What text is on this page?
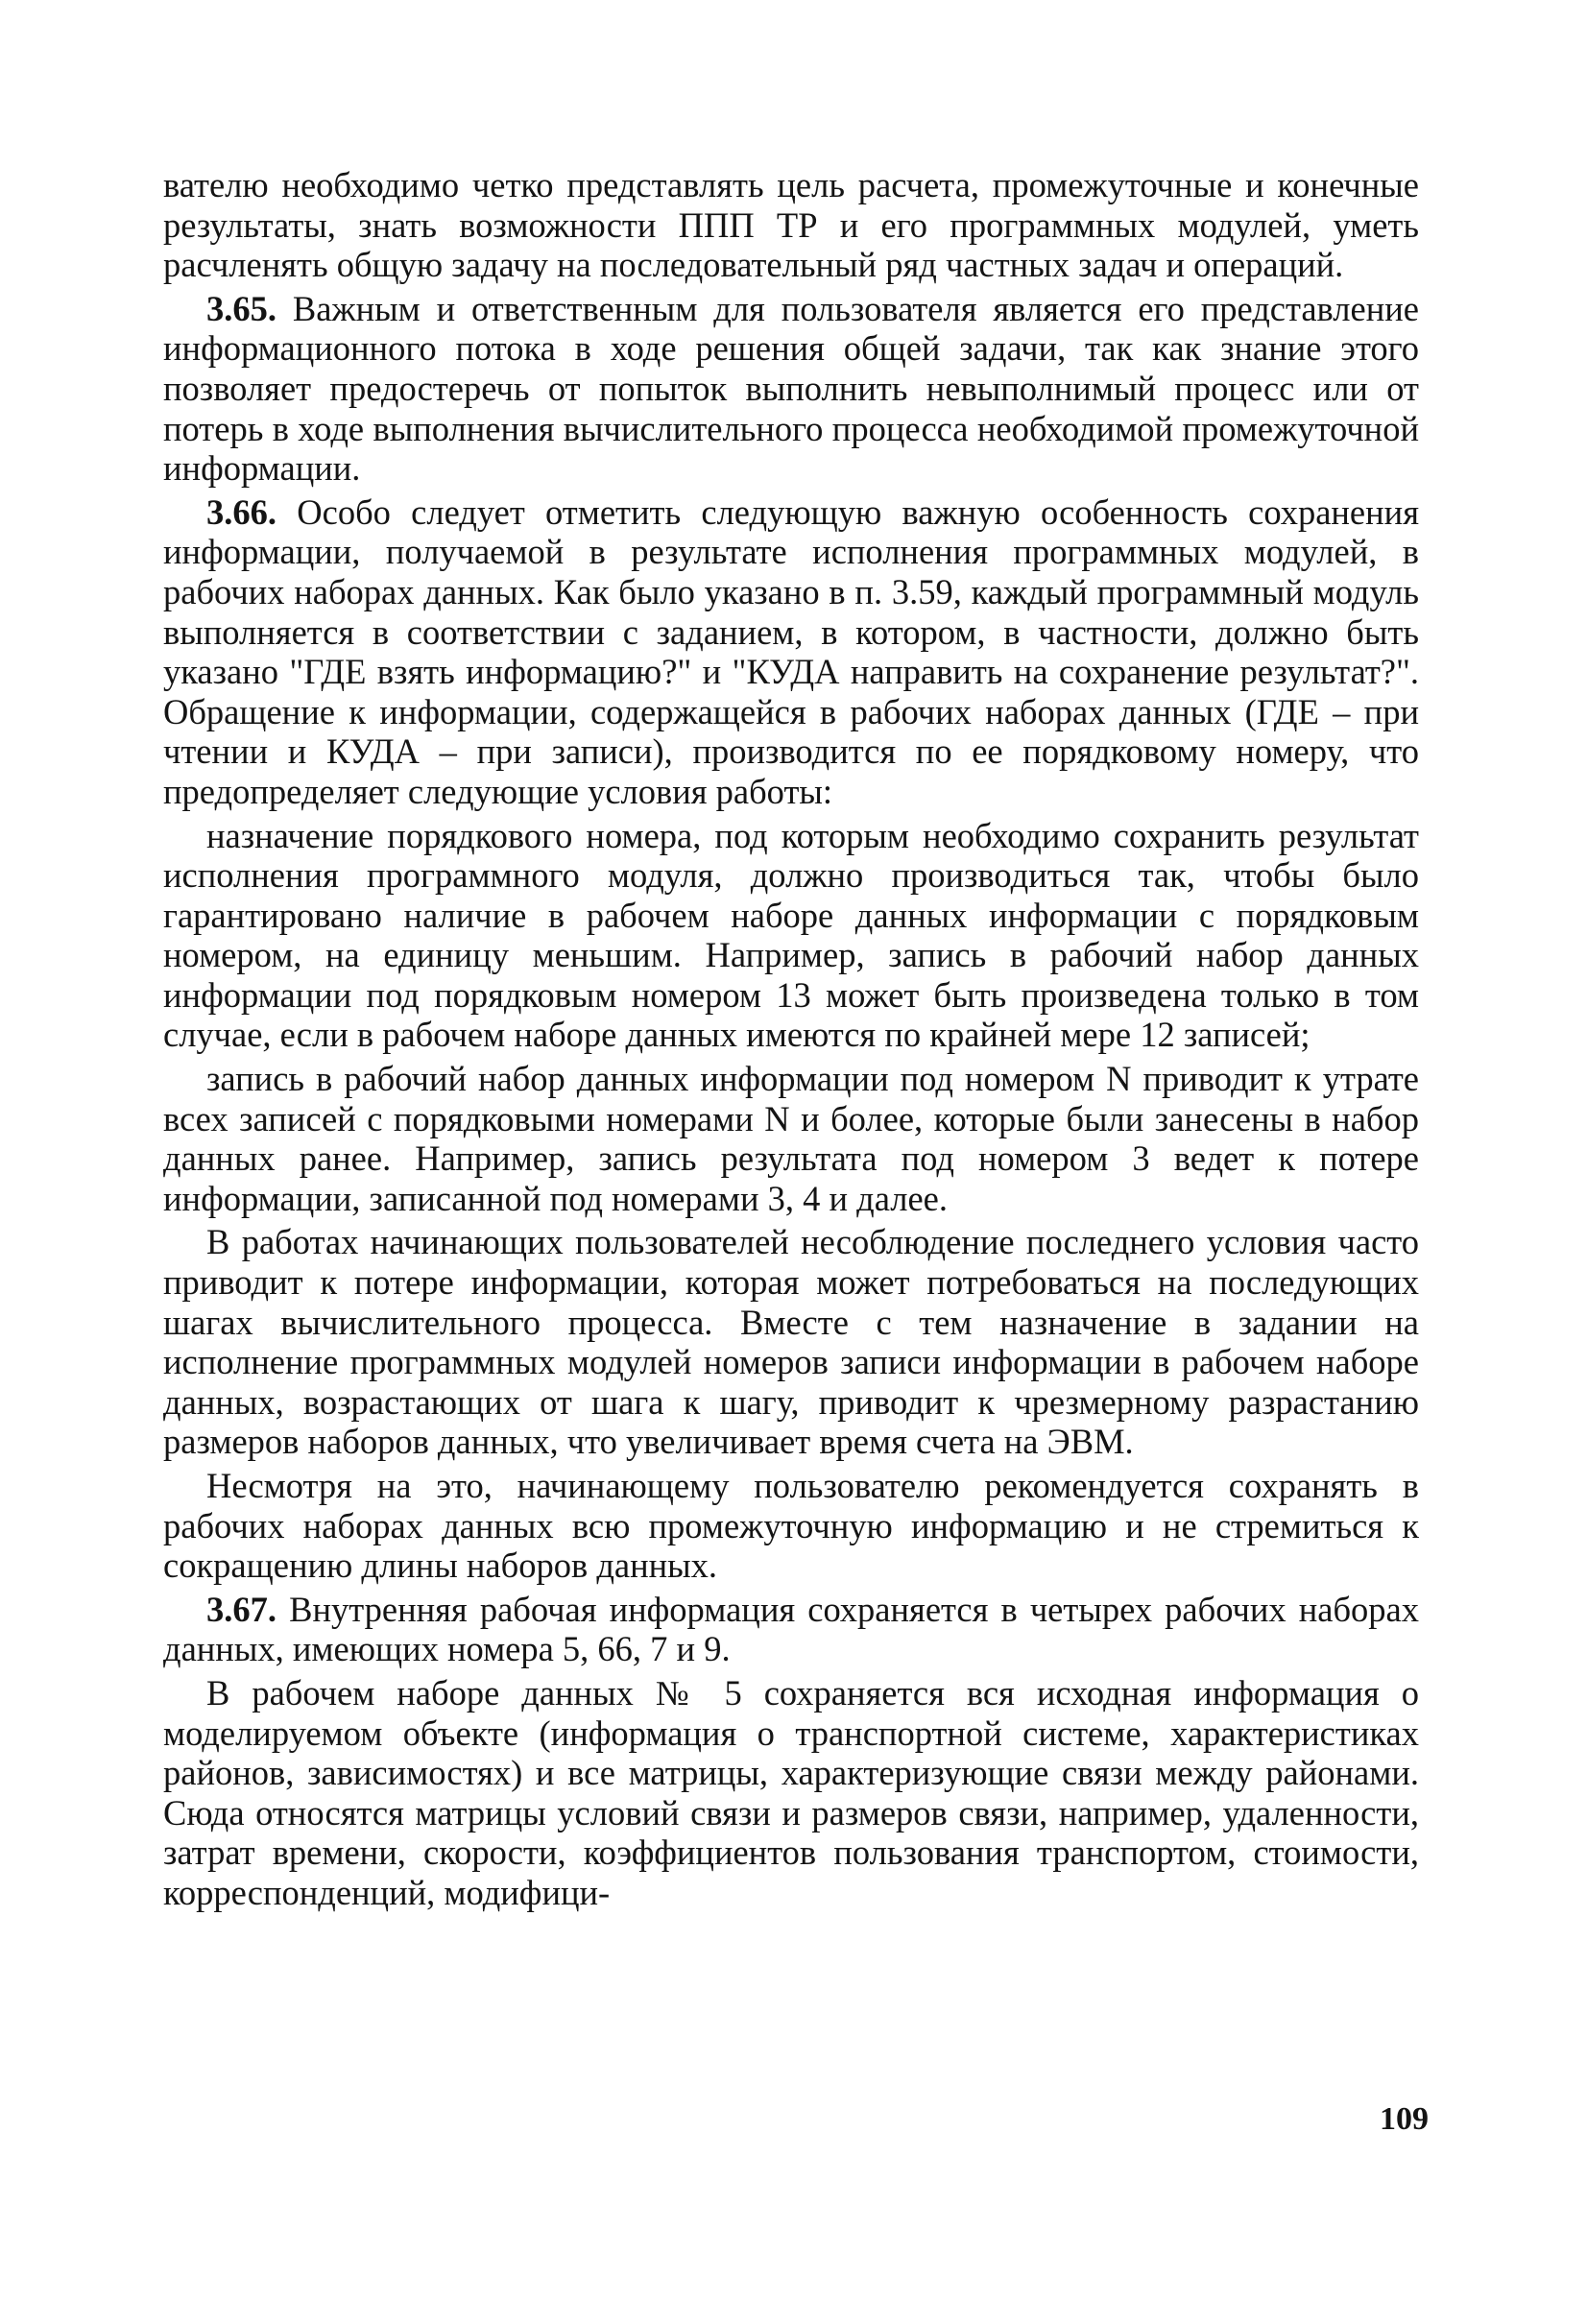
вателю необходимо четко представлять цель расчета, промежуточные и конечные результаты, знать возможности ППП ТР и его программных модулей, уметь расчленять общую задачу на последовательный ряд частных задач и операций.

3.65. Важным и ответственным для пользователя является его представление информационного потока в ходе решения общей задачи, так как знание этого позволяет предостеречь от попыток выполнить невыполнимый процесс или от потерь в ходе выполнения вычислительного процесса необходимой промежуточной информации.

3.66. Особо следует отметить следующую важную особенность сохранения информации, получаемой в результате исполнения программных модулей, в рабочих наборах данных. Как было указано в п. 3.59, каждый программный модуль выполняется в соответствии с заданием, в котором, в частности, должно быть указано "ГДЕ взять информацию?" и "КУДА направить на сохранение результат?". Обращение к информации, содержащейся в рабочих наборах данных (ГДЕ – при чтении и КУДА – при записи), производится по ее порядковому номеру, что предопределяет следующие условия работы:

назначение порядкового номера, под которым необходимо сохранить результат исполнения программного модуля, должно производиться так, чтобы было гарантировано наличие в рабочем наборе данных информации с порядковым номером, на единицу меньшим. Например, запись в рабочий набор данных информации под порядковым номером 13 может быть произведена только в том случае, если в рабочем наборе данных имеются по крайней мере 12 записей;

запись в рабочий набор данных информации под номером N приводит к утрате всех записей с порядковыми номерами N и более, которые были занесены в набор данных ранее. Например, запись результата под номером 3 ведет к потере информации, записанной под номерами 3, 4 и далее.

В работах начинающих пользователей несоблюдение последнего условия часто приводит к потере информации, которая может потребоваться на последующих шагах вычислительного процесса. Вместе с тем назначение в задании на исполнение программных модулей номеров записи информации в рабочем наборе данных, возрастающих от шага к шагу, приводит к чрезмерному разрастанию размеров наборов данных, что увеличивает время счета на ЭВМ.

Несмотря на это, начинающему пользователю рекомендуется сохранять в рабочих наборах данных всю промежуточную информацию и не стремиться к сокращению длины наборов данных.

3.67. Внутренняя рабочая информация сохраняется в четырех рабочих наборах данных, имеющих номера 5, 66, 7 и 9.

В рабочем наборе данных № 5 сохраняется вся исходная информация о моделируемом объекте (информация о транспортной системе, характеристиках районов, зависимостях) и все матрицы, характеризующие связи между районами. Сюда относятся матрицы условий связи и размеров связи, например, удаленности, затрат времени, скорости, коэффициентов пользования транспортом, стоимости, корреспонденций, модифици-

109
